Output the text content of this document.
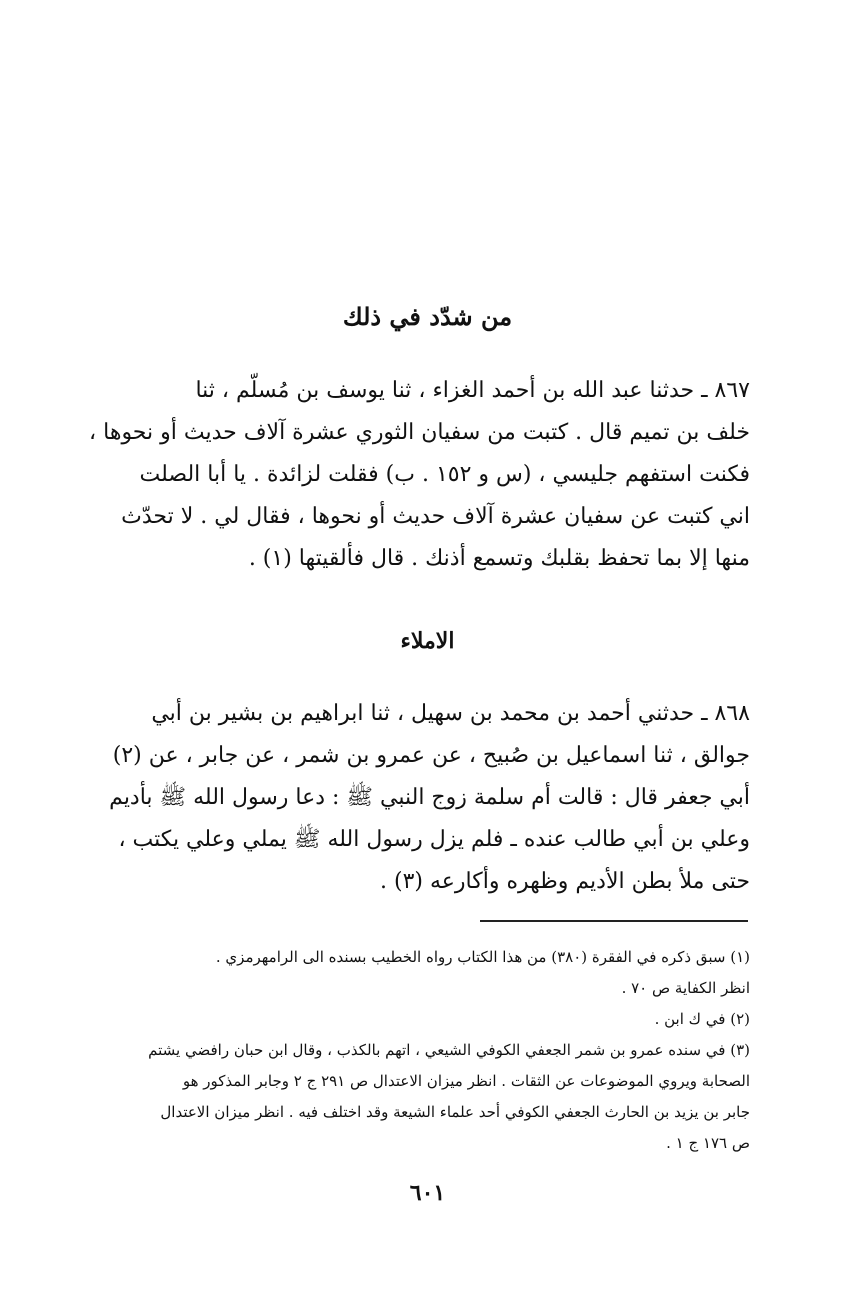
من شدّد في ذلك
٨٦٧ ـ حدثنا عبد الله بن أحمد الغزاء ، ثنا يوسف بن مُسلّم ، ثنا
خلف بن تميم قال . كتبت من سفيان الثوري عشرة آلاف حديث أو نحوها ،
فكنت استفهم جليسي ، (س و ١٥٢ . ب) فقلت لزائدة . يا أبا الصلت
اني كتبت عن سفيان عشرة آلاف حديث أو نحوها ، فقال لي . لا تحدّث
منها إلا بما تحفظ بقلبك وتسمع أذنك . قال فألقيتها (١) .
الاملاء
٨٦٨ ـ حدثني أحمد بن محمد بن سهيل ، ثنا ابراهيم بن بشير بن أبي
جوالق ، ثنا اسماعيل بن صُبيح ، عن عمرو بن شمر ، عن جابر ، عن (٢)
أبي جعفر قال : قالت أم سلمة زوج النبي ﷺ : دعا رسول الله ﷺ بأديم
وعلي بن أبي طالب عنده ـ فلم يزل رسول الله ﷺ يملي وعلي يكتب ،
حتى ملأ بطن الأديم وظهره وأكارعه (٣) .
(١) سبق ذكره في الفقرة (٣٨٠) من هذا الكتاب رواه الخطيب بسنده الى الرامهرمزي .
انظر الكفاية ص ٧٠ .
(٢) في ك ابن .
(٣) في سنده عمرو بن شمر الجعفي الكوفي الشيعي ، اتهم بالكذب ، وقال ابن حبان رافضي يشتم
الصحابة ويروي الموضوعات عن الثقات . انظر ميزان الاعتدال ص ٢٩١ ج ٢ وجابر المذكور هو
جابر بن يزيد بن الحارث الجعفي الكوفي أحد علماء الشيعة وقد اختلف فيه . انظر ميزان الاعتدال
ص ١٧٦ ج ١ .
٦٠١
